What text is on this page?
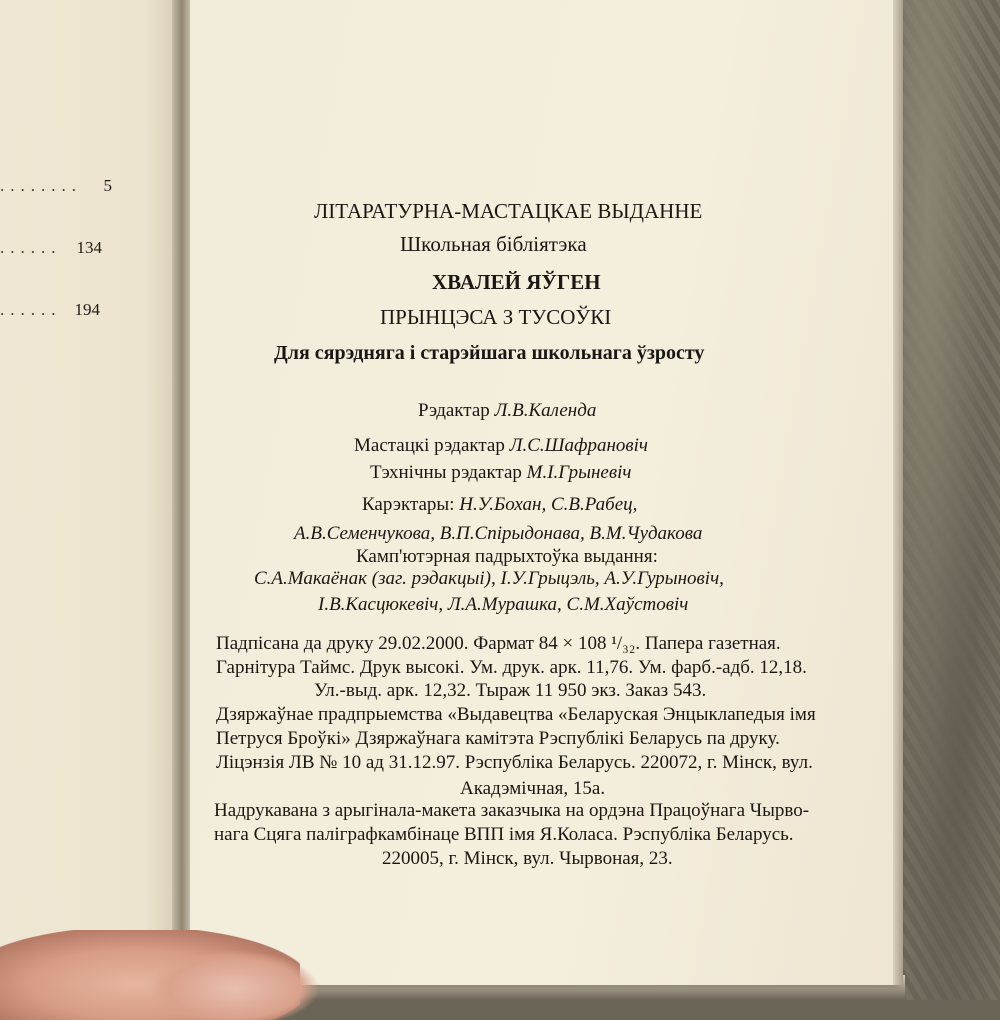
........ 5
...... 134
...... 194
ЛІТАРАТУРНА-МАСТАЦКАЕ ВЫДАННЕ
Школьная бібліятэка
ХВАЛЕЙ ЯЎГЕН
ПРЫНЦЭСА З ТУСОЎКІ
Для сярэдняга і старэйшага школьнага ўзросту
Рэдактар Л.В.Календа
Мастацкі рэдактар Л.С.Шафрановіч
Тэхнічны рэдактар М.І.Грыневіч
Карэктары: Н.У.Бохан, С.В.Рабец,
А.В.Семенчукова, В.П.Спірыдонава, В.М.Чудакова
Камп'ютэрная падрыхтоўка выдання:
С.А.Макаёнак (заг. рэдакцыі), І.У.Грыцэль, А.У.Гурыновіч,
І.В.Касцюкевіч, Л.А.Мурашка, С.М.Хаўстовіч
Падпісана да друку 29.02.2000. Фармат 84 × 108 ¹/₃₂. Папера газетная.
Гарнітура Таймс. Друк высокі. Ум. друк. арк. 11,76. Ум. фарб.-адб. 12,18.
Ул.-выд. арк. 12,32. Тыраж 11 950 экз. Заказ 543.
Дзяржаўнае прадпрыемства «Выдавецтва «Беларуская Энцыклапедыя імя
Петруся Броўкі» Дзяржаўнага камітэта Рэспублікі Беларусь па друку.
Ліцэнзія ЛВ № 10 ад 31.12.97. Рэспубліка Беларусь. 220072, г. Мінск, вул.
Акадэмічная, 15а.
Надрукавана з арыгінала-макета заказчыка на ордэна Працоўнага Чырво-
нага Сцяга паліграфкамбінаце ВПП імя Я.Коласа. Рэспубліка Беларусь.
220005, г. Мінск, вул. Чырвоная, 23.
